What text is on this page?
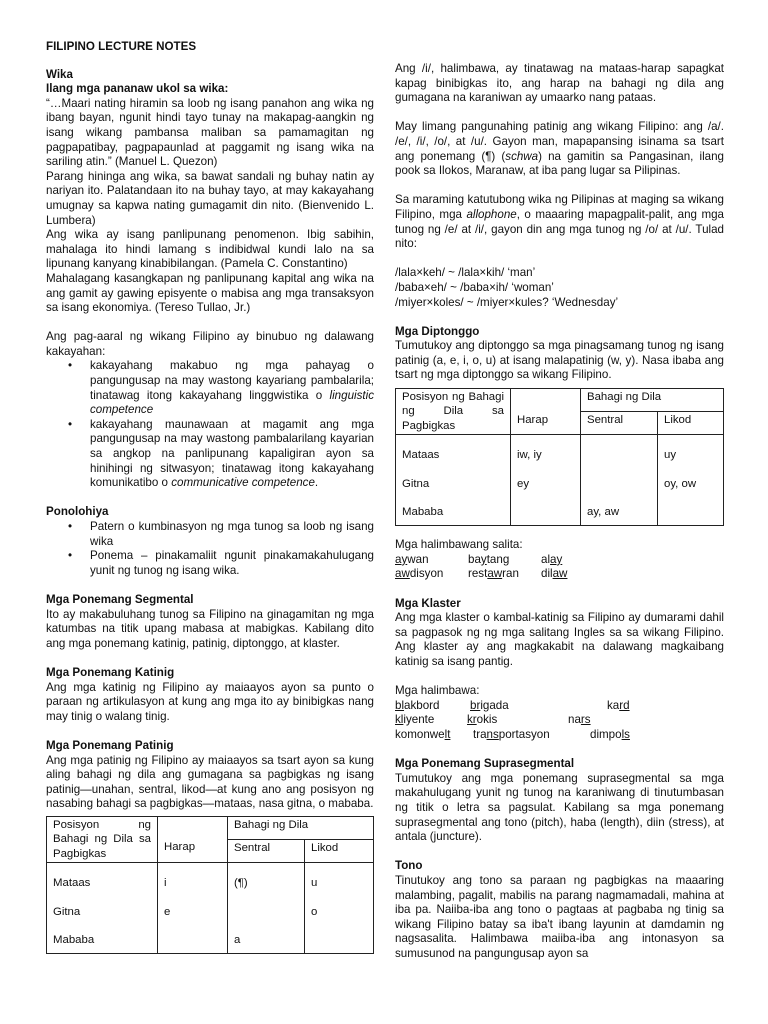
FILIPINO LECTURE NOTES
Wika
Ilang mga pananaw ukol sa wika:

“…Maari nating hiramin sa loob ng isang panahon ang wika ng ibang bayan, ngunit hindi tayo tunay na makapag-aangkin ng isang wikang pambansa maliban sa pamamagitan ng pagpapatibay, pagpapaunlad at paggamit ng isang wika na sariling atin.” (Manuel L. Quezon)

Parang hininga ang wika, sa bawat sandali ng buhay natin ay nariyan ito. Palatandaan ito na buhay tayo, at may kakayahang umugnay sa kapwa nating gumagamit din nito. (Bienvenido L. Lumbera)

Ang wika ay isang panlipunang penomenon. Ibig sabihin, mahalaga ito hindi lamang s indibidwal kundi lalo na sa lipunang kanyang kinabibilangan. (Pamela C. Constantino)

Mahalagang kasangkapan ng panlipunang kapital ang wika na ang gamit ay gawing episyente o mabisa ang mga transaksyon sa isang ekonomiya. (Tereso Tullao, Jr.)

Ang pag-aaral ng wikang Filipino ay binubuo ng dalawang kakayahan:

• kakayahang makabuo ng mga pahayag o pangungusap na may wastong kayariang pambalarila; tinatawag itong kakayahang linggwistika o linguistic competence
• kakayahang maunawaan at magamit ang mga pangungusap na may wastong pambalarilang kayarian sa angkop na panlipunang kapaligiran ayon sa hinihingi ng sitwasyon; tinatawag itong kakayahang komunikatibo o communicative competence.
Ponolohiya
• Patern o kumbinasyon ng mga tunog sa loob ng isang wika
• Ponema – pinakamaliit ngunit pinakamakahulugang yunit ng tunog ng isang wika.
Mga Ponemang Segmental

Ito ay makabuluhang tunog sa Filipino na ginagamitan ng mga katumbas na titik upang mabasa at mabigkas. Kabilang dito ang mga ponemang katinig, patinig, diptonggo, at klaster.

Mga Ponemang Katinig

Ang mga katinig ng Filipino ay maiaayos ayon sa punto o paraan ng artikulasyon at kung ang mga ito ay binibigkas nang may tinig o walang tinig.

Mga Ponemang Patinig

Ang mga patinig ng Filipino ay maiaayos sa tsart ayon sa kung aling bahagi ng dila ang gumagana sa pagbigkas ng isang patinig—unahan, sentral, likod—at kung ano ang posisyon ng nasabing bahagi sa pagbigkas—mataas, nasa gitna, o mababa.

Posisyon ng Bahagi ng Dila sa Pagbigkas		Bahagi ng Dila	
	Harap	Sentral	Likod
Mataas	i	(¶)	u
Gitna	e		o
Mababa		a	

Ang /i/, halimbawa, ay tinatawag na mataas-harap sapagkat kapag binibigkas ito, ang harap na bahagi ng dila ang gumagana na karaniwan ay umaarko nang pataas.

May limang pangunahing patinig ang wikang Filipino: ang /a/. /e/, /i/, /o/, at /u/. Gayon man, mapapansing isinama sa tsart ang ponemang (¶) (schwa) na gamitin sa Pangasinan, ilang pook sa Ilokos, Maranaw, at iba pang lugar sa Pilipinas.

Sa maraming katutubong wika ng Pilipinas at maging sa wikang Filipino, mga allophone, o maaaring mapagpalit-palit, ang mga tunog ng /e/ at /i/, gayon din ang mga tunog ng /o/ at /u/. Tulad nito:

/lala×keh/ ~ /lala×kih/ ‘man’
/baba×eh/ ~ /baba×ih/ ‘woman’
/miyer×koles/ ~ /miyer×kules? ‘Wednesday’
Mga Diptonggo

Tumutukoy ang diptonggo sa mga pinagsamang tunog ng isang patinig (a, e, i, o, u) at isang malapatinig (w, y). Nasa ibaba ang tsart ng mga diptonggo sa wikang Filipino.

Posisyon ng Bahagi ng Dila sa Pagbigkas		Bahagi ng Dila	
	Harap	Sentral	Likod
Mataas	iw, iy		uy
Gitna	ey		oy, ow
Mababa		ay, aw	
Mga halimbawang salita:
aywan	baytang	alay
awdisyon	restawran	dilaw
Mga Klaster

Ang mga klaster o kambal-katinig sa Filipino ay dumarami dahil sa pagpasok ng ng mga salitang Ingles sa sa wikang Filipino. Ang klaster ay ang magkakabit na dalawang magkaibang katinig sa isang pantig.

Mga halimbawa:
blakbord	brigada	kard
kliyente	krokis	nars
komonwelt	transportasyon	dimpols
Mga Ponemang Suprasegmental

Tumutukoy ang mga ponemang suprasegmental sa mga makahulugang yunit ng tunog na karaniwang di tinutumbasan ng titik o letra sa pagsulat. Kabilang sa mga ponemang suprasegmental ang tono (pitch), haba (length), diin (stress), at antala (juncture).

Tono

Tinutukoy ang tono sa paraan ng pagbigkas na maaaring malambing, pagalit, mabilis na parang nagmamadali, mahina at iba pa. Naiiba-iba ang tono o pagtaas at pagbaba ng tinig sa wikang Filipino batay sa iba't ibang layunin at damdamin ng nagsasalita. Halimbawa maiiba-iba ang intonasyon sa sumusunod na pangungusap ayon sa
